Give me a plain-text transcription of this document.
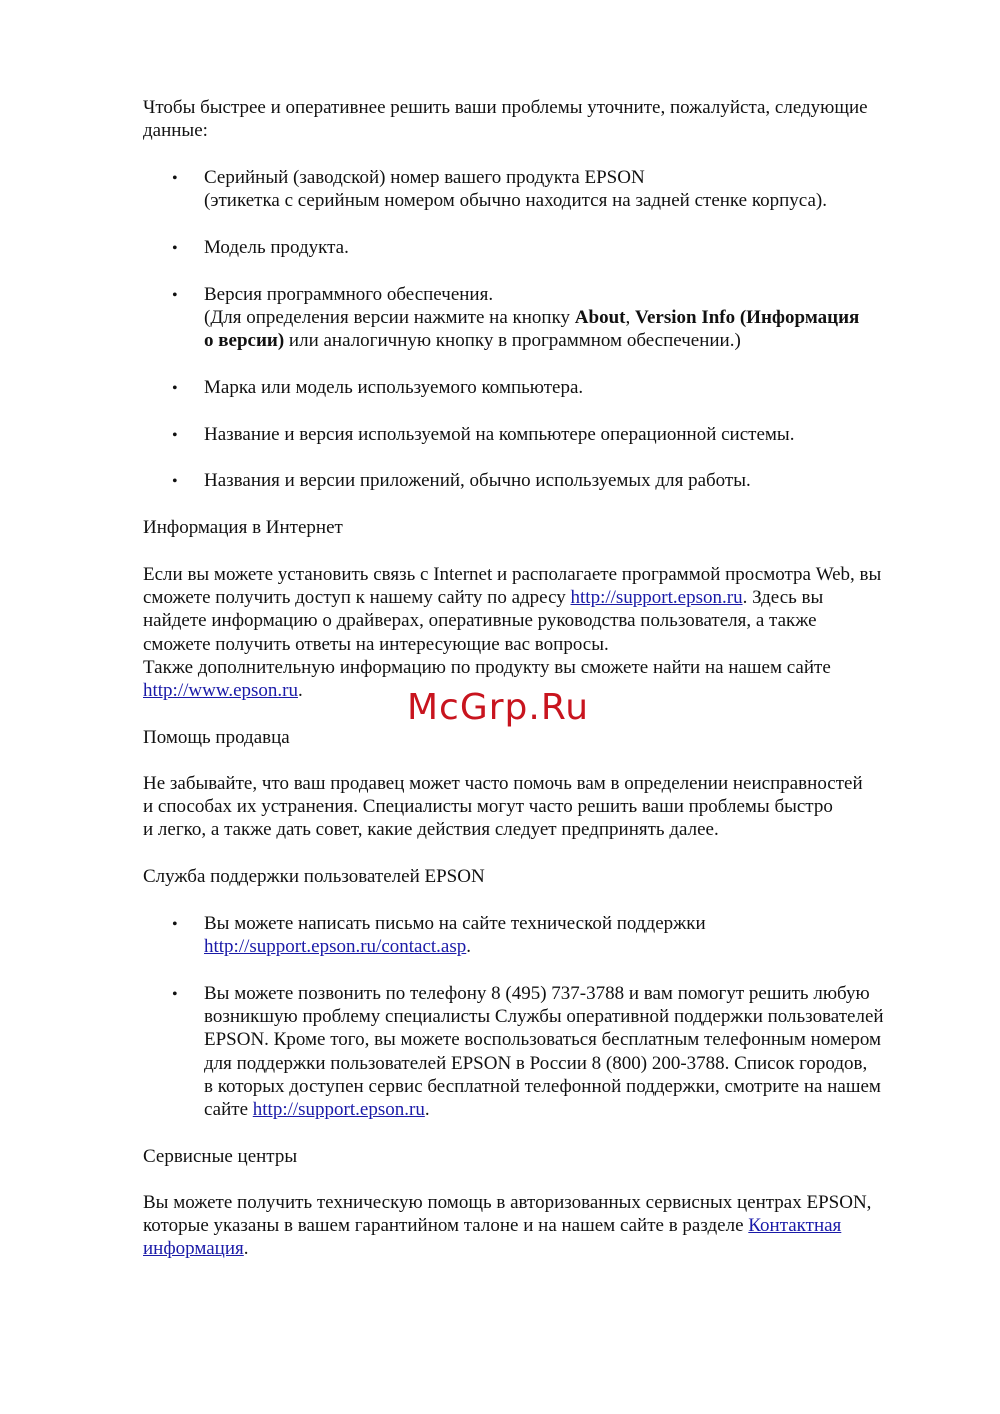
Чтобы быстрее и оперативнее решить ваши проблемы уточните, пожалуйста, следующие
данные:

•	Серийный (заводской) номер вашего продукта EPSON
(этикетка с серийным номером обычно находится на задней стенке корпуса).

•	Модель продукта.

•	Версия программного обеспечения.
(Для определения версии нажмите на кнопку About, Version Info (Информация
о версии) или аналогичную кнопку в программном обеспечении.)

•	Марка или модель используемого компьютера.

•	Название и версия используемой на компьютере операционной системы.

•	Названия и версии приложений, обычно используемых для работы.

Информация в Интернет

Если вы можете установить связь с Internet и располагаете программой просмотра Web, вы
сможете получить доступ к нашему сайту по адресу http://support.epson.ru. Здесь вы
найдете информацию о драйверах, оперативные руководства пользователя, а также
сможете получить ответы на интересующие вас вопросы.
Также дополнительную информацию по продукту вы сможете найти на нашем сайте
http://www.epson.ru.	McGrp.Ru

Помощь продавца

Не забывайте, что ваш продавец может часто помочь вам в определении неисправностей
и способах их устранения. Специалисты могут часто решить ваши проблемы быстро
и легко, а также дать совет, какие действия следует предпринять далее.

Служба поддержки пользователей EPSON

•	Вы можете написать письмо на сайте технической поддержки
http://support.epson.ru/contact.asp.

•	Вы можете позвонить по телефону 8 (495) 737-3788 и вам помогут решить любую
возникшую проблему специалисты Службы оперативной поддержки пользователей
EPSON. Кроме того, вы можете воспользоваться бесплатным телефонным номером
для поддержки пользователей EPSON в России 8 (800) 200-3788. Список городов,
в которых доступен сервис бесплатной телефонной поддержки, смотрите на нашем
сайте http://support.epson.ru.

Сервисные центры

Вы можете получить техническую помощь в авторизованных сервисных центрах EPSON,
которые указаны в вашем гарантийном талоне и на нашем сайте в разделе Контактная
информация.
